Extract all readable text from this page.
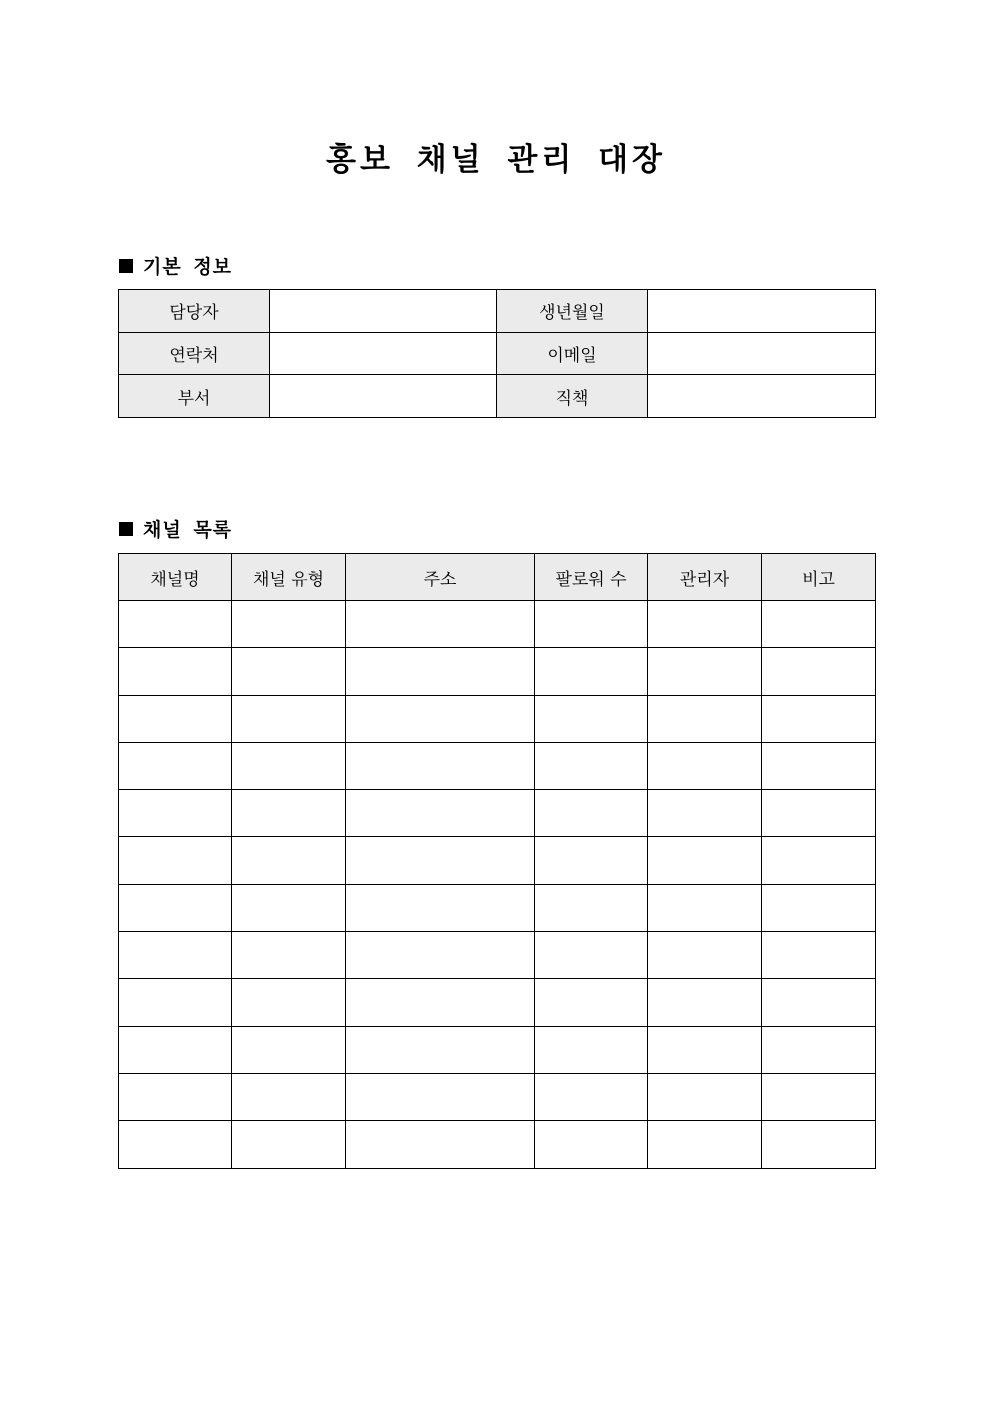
홍보 채널 관리 대장
기본 정보
담당자		생년월일	
연락처		이메일	
부서		직책	
채널 목록
채널명	채널 유형	주소	팔로워 수	관리자	비고
